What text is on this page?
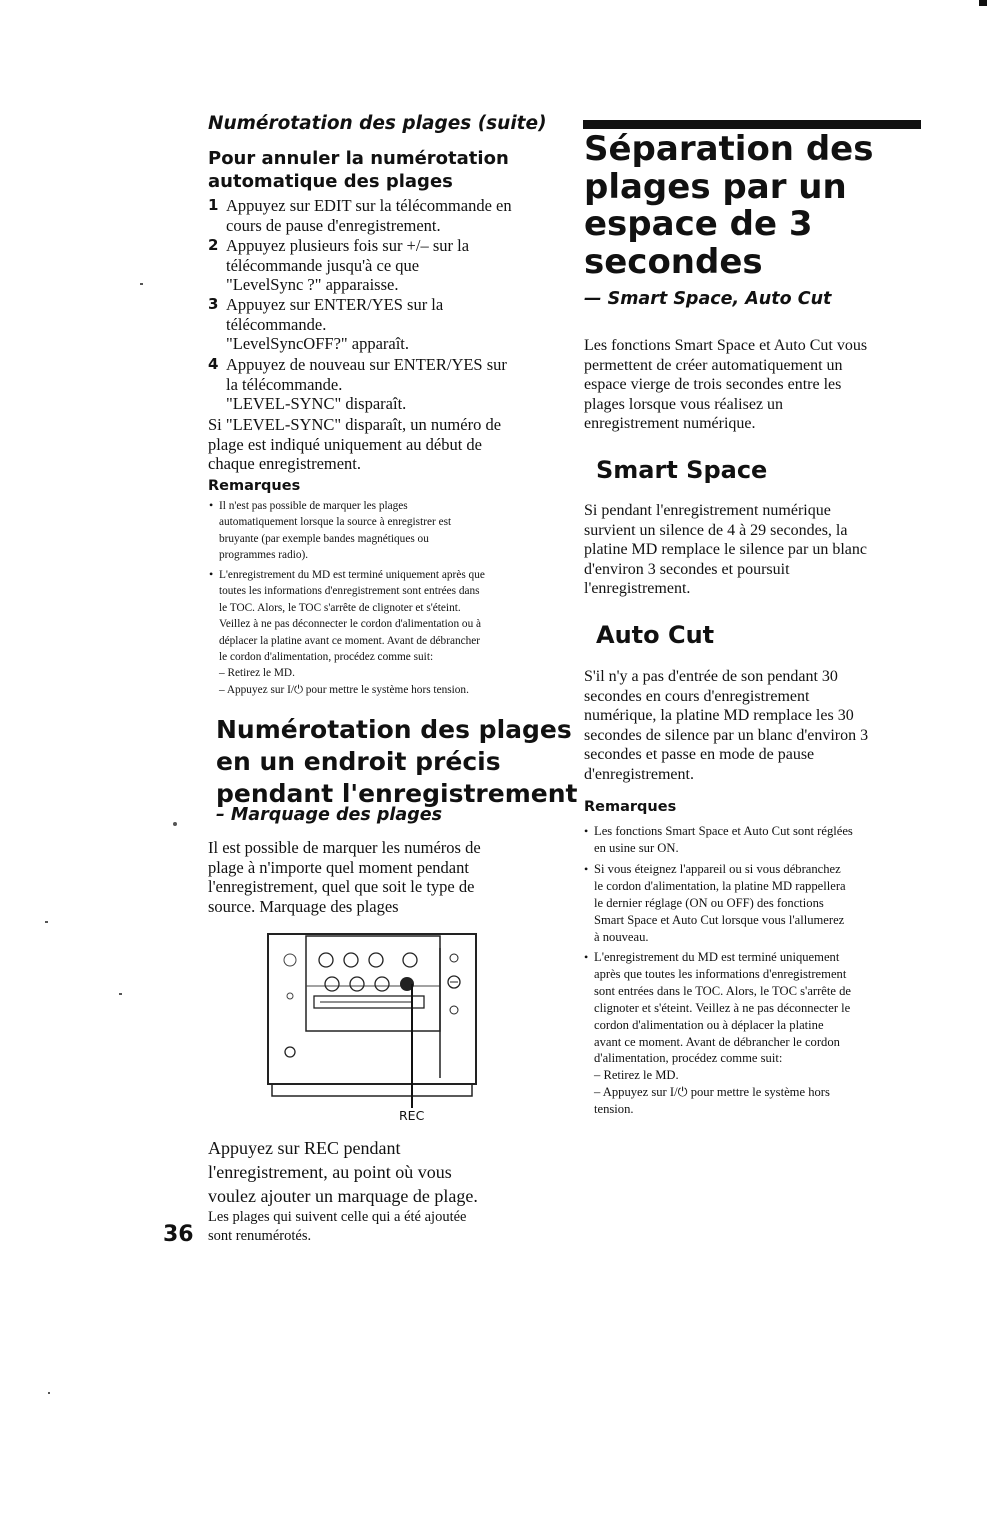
Numérotation des plages (suite)
Pour annuler la numérotation
automatique des plages
1 Appuyez sur EDIT sur la télécommande en
cours de pause d'enregistrement.
2 Appuyez plusieurs fois sur +/– sur la
télécommande jusqu'à ce que
"LevelSync ?" apparaisse.
3 Appuyez sur ENTER/YES sur la
télécommande.
"LevelSyncOFF?" apparaît.
4 Appuyez de nouveau sur ENTER/YES sur
la télécommande.
"LEVEL-SYNC" disparaît.
Si "LEVEL-SYNC" disparaît, un numéro de
plage est indiqué uniquement au début de
chaque enregistrement.
Remarques
• Il n'est pas possible de marquer les plages
automatiquement lorsque la source à enregistrer est
bruyante (par exemple bandes magnétiques ou
programmes radio).
• L'enregistrement du MD est terminé uniquement après que
toutes les informations d'enregistrement sont entrées dans
le TOC. Alors, le TOC s'arrête de clignoter et s'éteint.
Veillez à ne pas déconnecter le cordon d'alimentation ou à
déplacer la platine avant ce moment. Avant de débrancher
le cordon d'alimentation, procédez comme suit:
– Retirez le MD.
– Appuyez sur I/⏻ pour mettre le système hors tension.
Numérotation des plages
en un endroit précis
pendant l'enregistrement
– Marquage des plages
Il est possible de marquer les numéros de
plage à n'importe quel moment pendant
l'enregistrement, quel que soit le type de
source. Marquage des plages
REC
Appuyez sur REC pendant
l'enregistrement, au point où vous
voulez ajouter un marquage de plage.
Les plages qui suivent celle qui a été ajoutée
sont renumérotés.
36
Séparation des
plages par un
espace de 3
secondes
— Smart Space, Auto Cut
Les fonctions Smart Space et Auto Cut vous
permettent de créer automatiquement un
espace vierge de trois secondes entre les
plages lorsque vous réalisez un
enregistrement numérique.
Smart Space
Si pendant l'enregistrement numérique
survient un silence de 4 à 29 secondes, la
platine MD remplace le silence par un blanc
d'environ 3 secondes et poursuit
l'enregistrement.
Auto Cut
S'il n'y a pas d'entrée de son pendant 30
secondes en cours d'enregistrement
numérique, la platine MD remplace les 30
secondes de silence par un blanc d'environ 3
secondes et passe en mode de pause
d'enregistrement.
Remarques
• Les fonctions Smart Space et Auto Cut sont réglées
en usine sur ON.
• Si vous éteignez l'appareil ou si vous débranchez
le cordon d'alimentation, la platine MD rappellera
le dernier réglage (ON ou OFF) des fonctions
Smart Space et Auto Cut lorsque vous l'allumerez
à nouveau.
• L'enregistrement du MD est terminé uniquement
après que toutes les informations d'enregistrement
sont entrées dans le TOC. Alors, le TOC s'arrête de
clignoter et s'éteint. Veillez à ne pas déconnecter le
cordon d'alimentation ou à déplacer la platine
avant ce moment. Avant de débrancher le cordon
d'alimentation, procédez comme suit:
– Retirez le MD.
– Appuyez sur I/⏻ pour mettre le système hors
tension.
